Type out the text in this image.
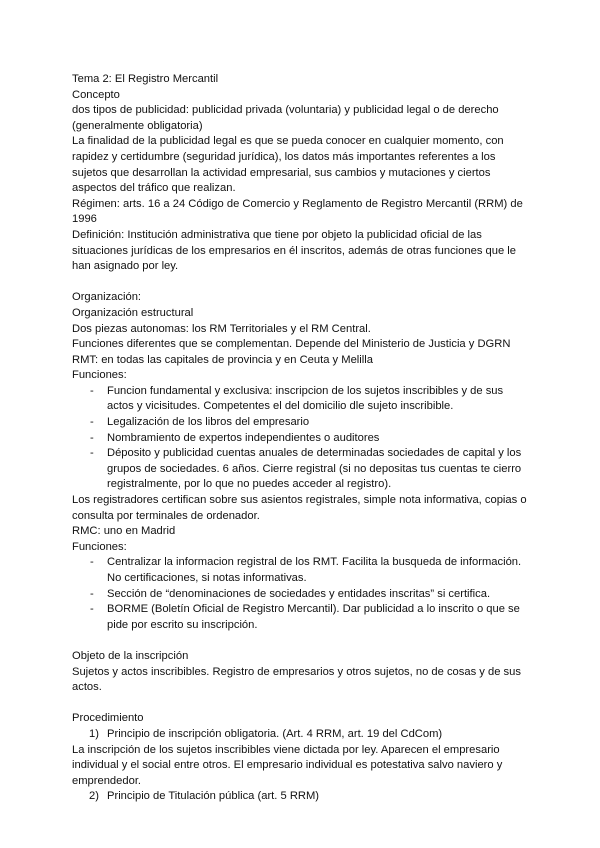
Tema 2: El Registro Mercantil
Concepto
dos tipos de publicidad: publicidad privada (voluntaria) y publicidad legal o de derecho (generalmente obligatoria)
La finalidad de la publicidad legal es que se pueda conocer en cualquier momento, con rapidez y certidumbre (seguridad jurídica), los datos más importantes referentes a los sujetos que desarrollan la actividad empresarial, sus cambios y mutaciones y ciertos aspectos del tráfico que realizan.
Régimen: arts. 16 a 24 Código de Comercio y Reglamento de Registro Mercantil (RRM) de 1996
Definición: Institución administrativa que tiene por objeto la publicidad oficial de las situaciones jurídicas de los empresarios en él inscritos, además de otras funciones que le han asignado por ley.
Organización:
Organización estructural
Dos piezas autonomas: los RM Territoriales y el RM Central.
Funciones diferentes que se complementan. Depende del Ministerio de Justicia y DGRN
RMT: en todas las capitales de provincia y en Ceuta y Melilla
Funciones:
- Funcion fundamental y exclusiva: inscripcion de los sujetos inscribibles y de sus actos y vicisitudes. Competentes el del domicilio dle sujeto inscribible.
- Legalización de los libros del empresario
- Nombramiento de expertos independientes o auditores
- Déposito y publicidad cuentas anuales de determinadas sociedades de capital y los grupos de sociedades. 6 años. Cierre registral (si no depositas tus cuentas te cierro registralmente, por lo que no puedes acceder al registro).
Los registradores certifican sobre sus asientos registrales, simple nota informativa, copias o consulta por terminales de ordenador.
RMC: uno en Madrid
Funciones:
- Centralizar la informacion registral de los RMT. Facilita la busqueda de información. No certificaciones, si notas informativas.
- Sección de “denominaciones de sociedades y entidades inscritas” si certifica.
- BORME (Boletín Oficial de Registro Mercantil). Dar publicidad a lo inscrito o que se pide por escrito su inscripción.
Objeto de la inscripción
Sujetos y actos inscribibles. Registro de empresarios y otros sujetos, no de cosas y de sus actos.
Procedimiento
1) Principio de inscripción obligatoria. (Art. 4 RRM, art. 19 del CdCom)
La inscripción de los sujetos inscribibles viene dictada por ley. Aparecen el empresario individual y el social entre otros. El empresario individual es potestativa salvo naviero y emprendedor.
2) Principio de Titulación pública (art. 5 RRM)
